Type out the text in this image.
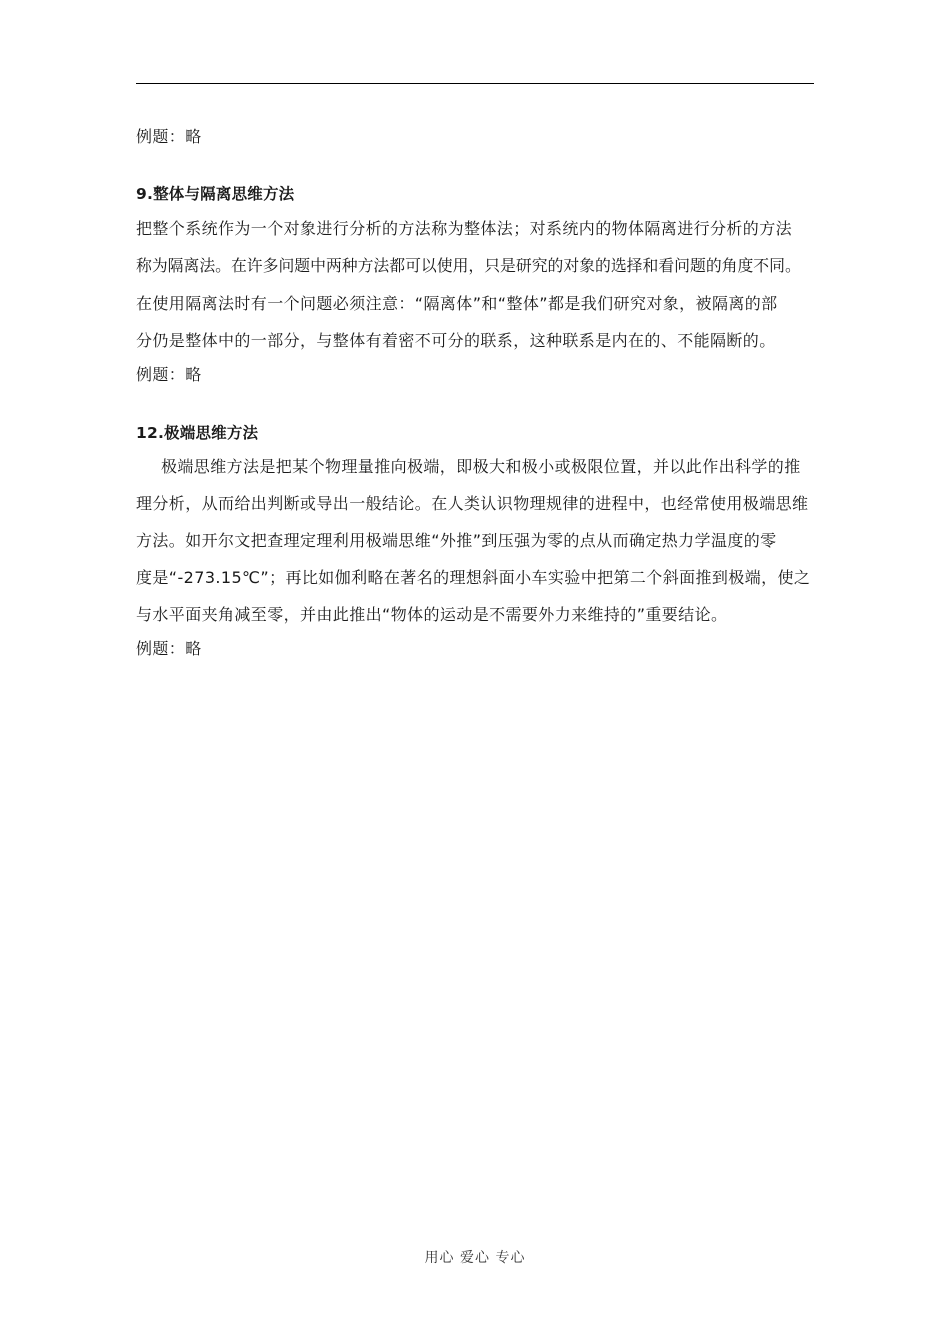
例题：略
9.整体与隔离思维方法
把整个系统作为一个对象进行分析的方法称为整体法；对系统内的物体隔离进行分析的方法
称为隔离法。在许多问题中两种方法都可以使用，只是研究的对象的选择和看问题的角度不同。
在使用隔离法时有一个问题必须注意：“隔离体”和“整体”都是我们研究对象，被隔离的部
分仍是整体中的一部分，与整体有着密不可分的联系，这种联系是内在的、不能隔断的。
例题：略
12.极端思维方法
极端思维方法是把某个物理量推向极端，即极大和极小或极限位置，并以此作出科学的推
理分析，从而给出判断或导出一般结论。在人类认识物理规律的进程中，也经常使用极端思维
方法。如开尔文把查理定理利用极端思维“外推”到压强为零的点从而确定热力学温度的零
度是“-273.15℃”；再比如伽利略在著名的理想斜面小车实验中把第二个斜面推到极端，使之
与水平面夹角减至零，并由此推出“物体的运动是不需要外力来维持的”重要结论。
例题：略
用心 爱心 专心
